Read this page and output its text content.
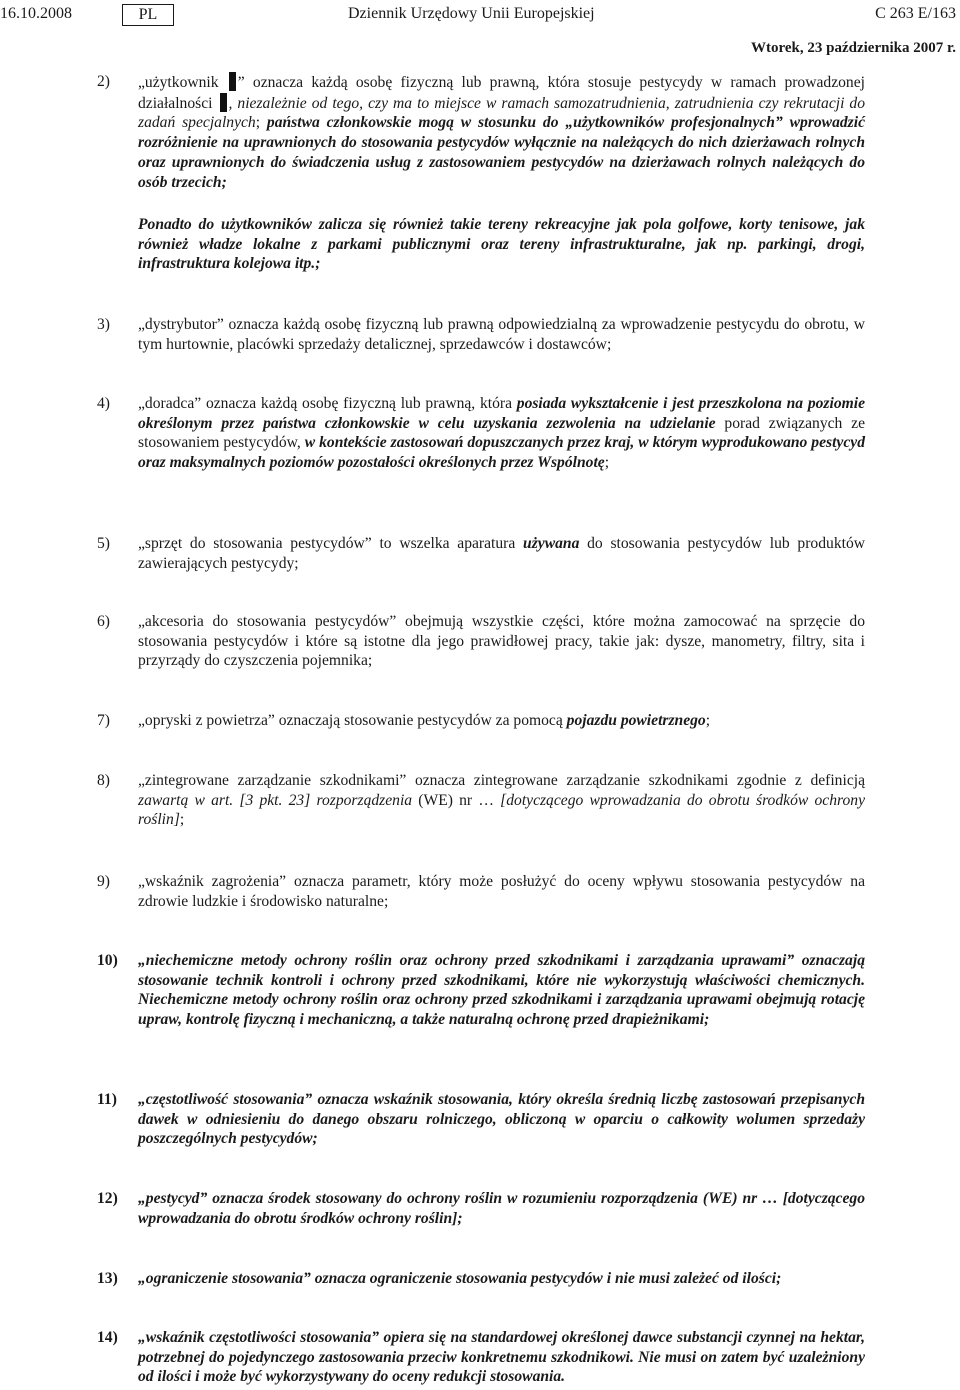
16.10.2008	PL	Dziennik Urzędowy Unii Europejskiej	C 263 E/163
Wtorek, 23 października 2007 r.
2) „użytkownik ” oznacza każdą osobę fizyczną lub prawną, która stosuje pestycydy w ramach prowadzonej działalności , niezależnie od tego, czy ma to miejsce w ramach samozatrudnienia, zatrudnienia czy rekrutacji do zadań specjalnych; państwa członkowskie mogą w stosunku do „użytkowników profesjonalnych” wprowadzić rozróżnienie na uprawnionych do stosowania pestycydów wyłącznie na należących do nich dzierżawach rolnych oraz uprawnionych do świadczenia usług z zastosowaniem pestycydów na dzierżawach rolnych należących do osób trzecich;
Ponadto do użytkowników zalicza się również takie tereny rekreacyjne jak pola golfowe, korty tenisowe, jak również władze lokalne z parkami publicznymi oraz tereny infrastrukturalne, jak np. parkingi, drogi, infrastruktura kolejowa itp.;
3) „dystrybutor” oznacza każdą osobę fizyczną lub prawną odpowiedzialną za wprowadzenie pestycydu do obrotu, w tym hurtownie, placówki sprzedaży detalicznej, sprzedawców i dostawców;
4) „doradca” oznacza każdą osobę fizyczną lub prawną, która posiada wykształcenie i jest przeszkolona na poziomie określonym przez państwa członkowskie w celu uzyskania zezwolenia na udzielanie porad związanych ze stosowaniem pestycydów, w kontekście zastosowań dopuszczanych przez kraj, w którym wyprodukowano pestycyd oraz maksymalnych poziomów pozostałości określonych przez Wspólnotę;
5) „sprzęt do stosowania pestycydów” to wszelka aparatura używana do stosowania pestycydów lub produktów zawierających pestycydy;
6) „akcesoria do stosowania pestycydów” obejmują wszystkie części, które można zamocować na sprzęcie do stosowania pestycydów i które są istotne dla jego prawidłowej pracy, takie jak: dysze, manometry, filtry, sita i przyrządy do czyszczenia pojemnika;
7) „opryski z powietrza” oznaczają stosowanie pestycydów za pomocą pojazdu powietrznego;
8) „zintegrowane zarządzanie szkodnikami” oznacza zintegrowane zarządzanie szkodnikami zgodnie z definicją zawartą w art. [3 pkt. 23] rozporządzenia (WE) nr … [dotyczącego wprowadzania do obrotu środków ochrony roślin];
9) „wskaźnik zagrożenia” oznacza parametr, który może posłużyć do oceny wpływu stosowania pestycydów na zdrowie ludzkie i środowisko naturalne;
10) „niechemiczne metody ochrony roślin oraz ochrony przed szkodnikami i zarządzania uprawami” oznaczają stosowanie technik kontroli i ochrony przed szkodnikami, które nie wykorzystują właściwości chemicznych. Niechemiczne metody ochrony roślin oraz ochrony przed szkodnikami i zarządzania uprawami obejmują rotację upraw, kontrolę fizyczną i mechaniczną, a także naturalną ochronę przed drapieżnikami;
11) „częstotliwość stosowania” oznacza wskaźnik stosowania, który określa średnią liczbę zastosowań przepisanych dawek w odniesieniu do danego obszaru rolniczego, obliczoną w oparciu o całkowity wolumen sprzedaży poszczególnych pestycydów;
12) „pestycyd” oznacza środek stosowany do ochrony roślin w rozumieniu rozporządzenia (WE) nr … [dotyczącego wprowadzania do obrotu środków ochrony roślin];
13) „ograniczenie stosowania” oznacza ograniczenie stosowania pestycydów i nie musi zależeć od ilości;
14) „wskaźnik częstotliwości stosowania” opiera się na standardowej określonej dawce substancji czynnej na hektar, potrzebnej do pojedynczego zastosowania przeciw konkretnemu szkodnikowi. Nie musi on zatem być uzależniony od ilości i może być wykorzystywany do oceny redukcji stosowania.
